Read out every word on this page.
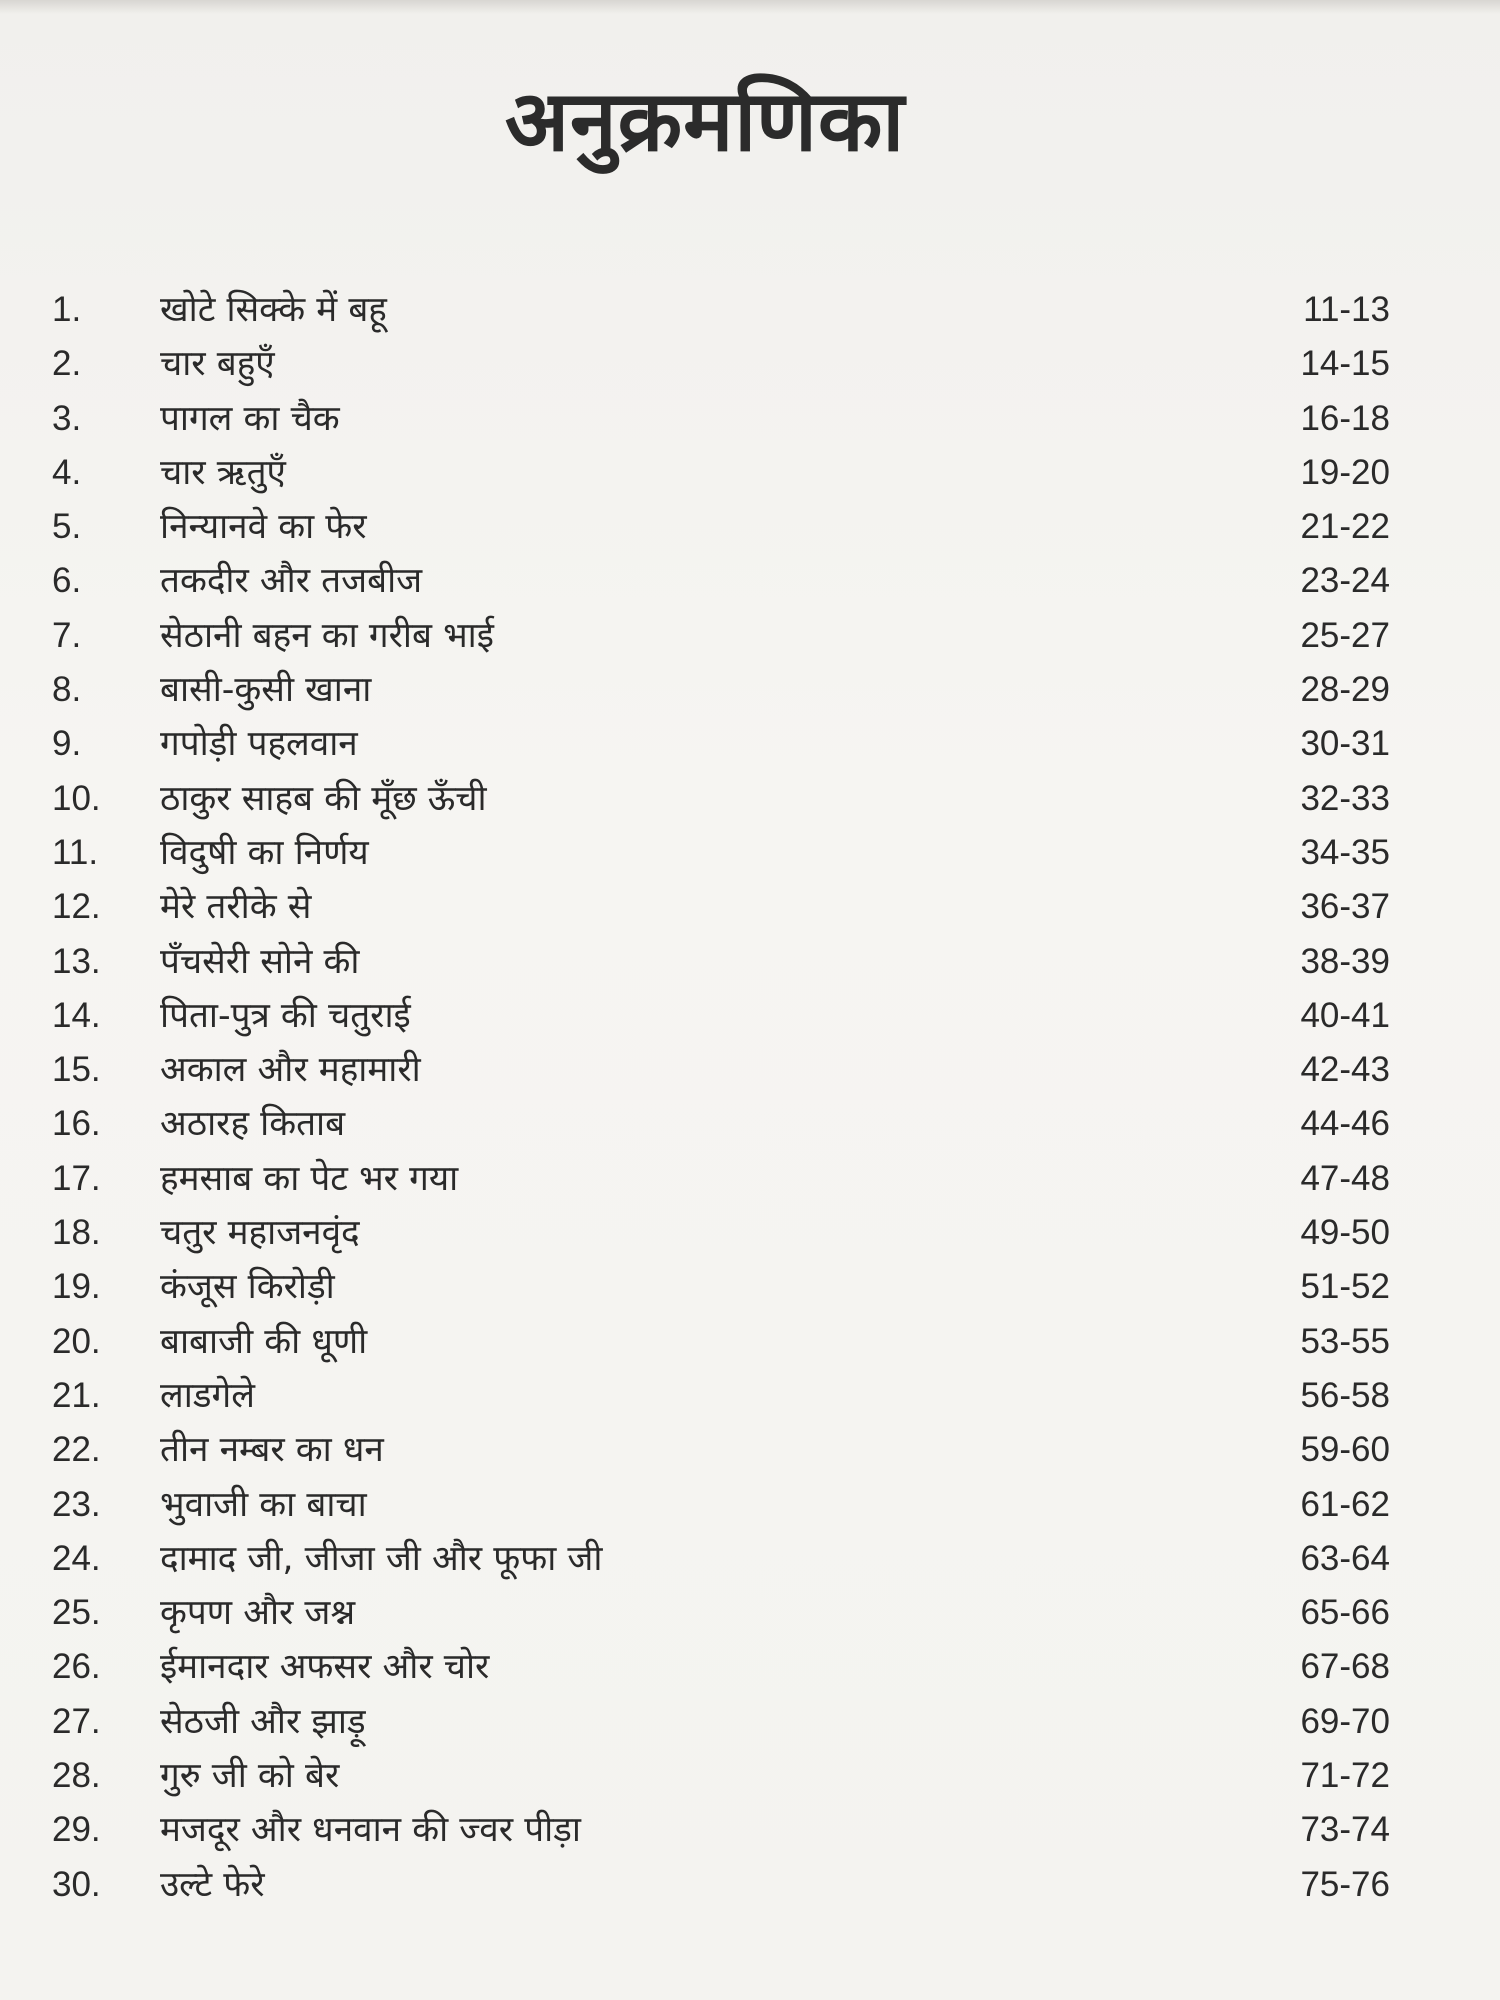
अनुक्रमणिका
1.	खोटे सिक्के में बहू	11-13
2.	चार बहुएँ	14-15
3.	पागल का चैक	16-18
4.	चार ऋतुएँ	19-20
5.	निन्यानवे का फेर	21-22
6.	तकदीर और तजबीज	23-24
7.	सेठानी बहन का गरीब भाई	25-27
8.	बासी-कुसी खाना	28-29
9.	गपोड़ी पहलवान	30-31
10.	ठाकुर साहब की मूँछ ऊँची	32-33
11.	विदुषी का निर्णय	34-35
12.	मेरे तरीके से	36-37
13.	पँचसेरी सोने की	38-39
14.	पिता-पुत्र की चतुराई	40-41
15.	अकाल और महामारी	42-43
16.	अठारह किताब	44-46
17.	हमसाब का पेट भर गया	47-48
18.	चतुर महाजनवृंद	49-50
19.	कंजूस किरोड़ी	51-52
20.	बाबाजी की धूणी	53-55
21.	लाडगेले	56-58
22.	तीन नम्बर का धन	59-60
23.	भुवाजी का बाचा	61-62
24.	दामाद जी, जीजा जी और फूफा जी	63-64
25.	कृपण और जश्न	65-66
26.	ईमानदार अफसर और चोर	67-68
27.	सेठजी और झाड़ू	69-70
28.	गुरु जी को बेर	71-72
29.	मजदूर और धनवान की ज्वर पीड़ा	73-74
30.	उल्टे फेरे	75-76
